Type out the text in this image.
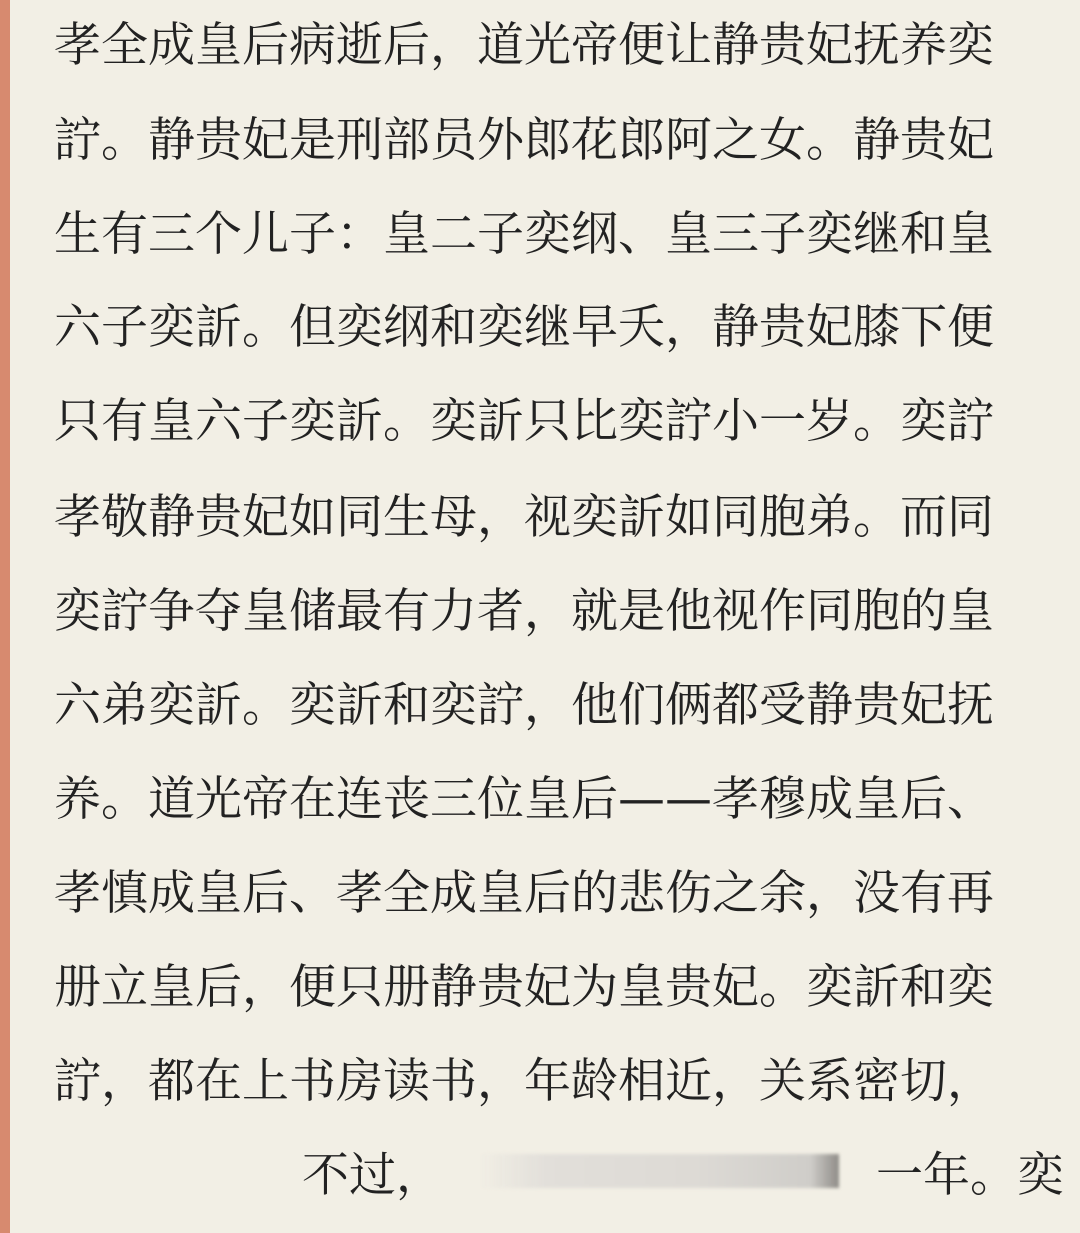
孝全成皇后病逝后，道光帝便让静贵妃抚养奕
詝。静贵妃是刑部员外郎花郎阿之女。静贵妃
生有三个儿子：皇二子奕纲、皇三子奕继和皇
六子奕訢。但奕纲和奕继早夭，静贵妃膝下便
只有皇六子奕訢。奕訢只比奕詝小一岁。奕詝
孝敬静贵妃如同生母，视奕訢如同胞弟。而同
奕詝争夺皇储最有力者，就是他视作同胞的皇
六弟奕訢。奕訢和奕詝，他们俩都受静贵妃抚
养。道光帝在连丧三位皇后——孝穆成皇后、
孝慎成皇后、孝全成皇后的悲伤之余，没有再
册立皇后，便只册静贵妃为皇贵妃。奕訢和奕
詝，都在上书房读书，年龄相近，关系密切，
不过，	一年。奕
